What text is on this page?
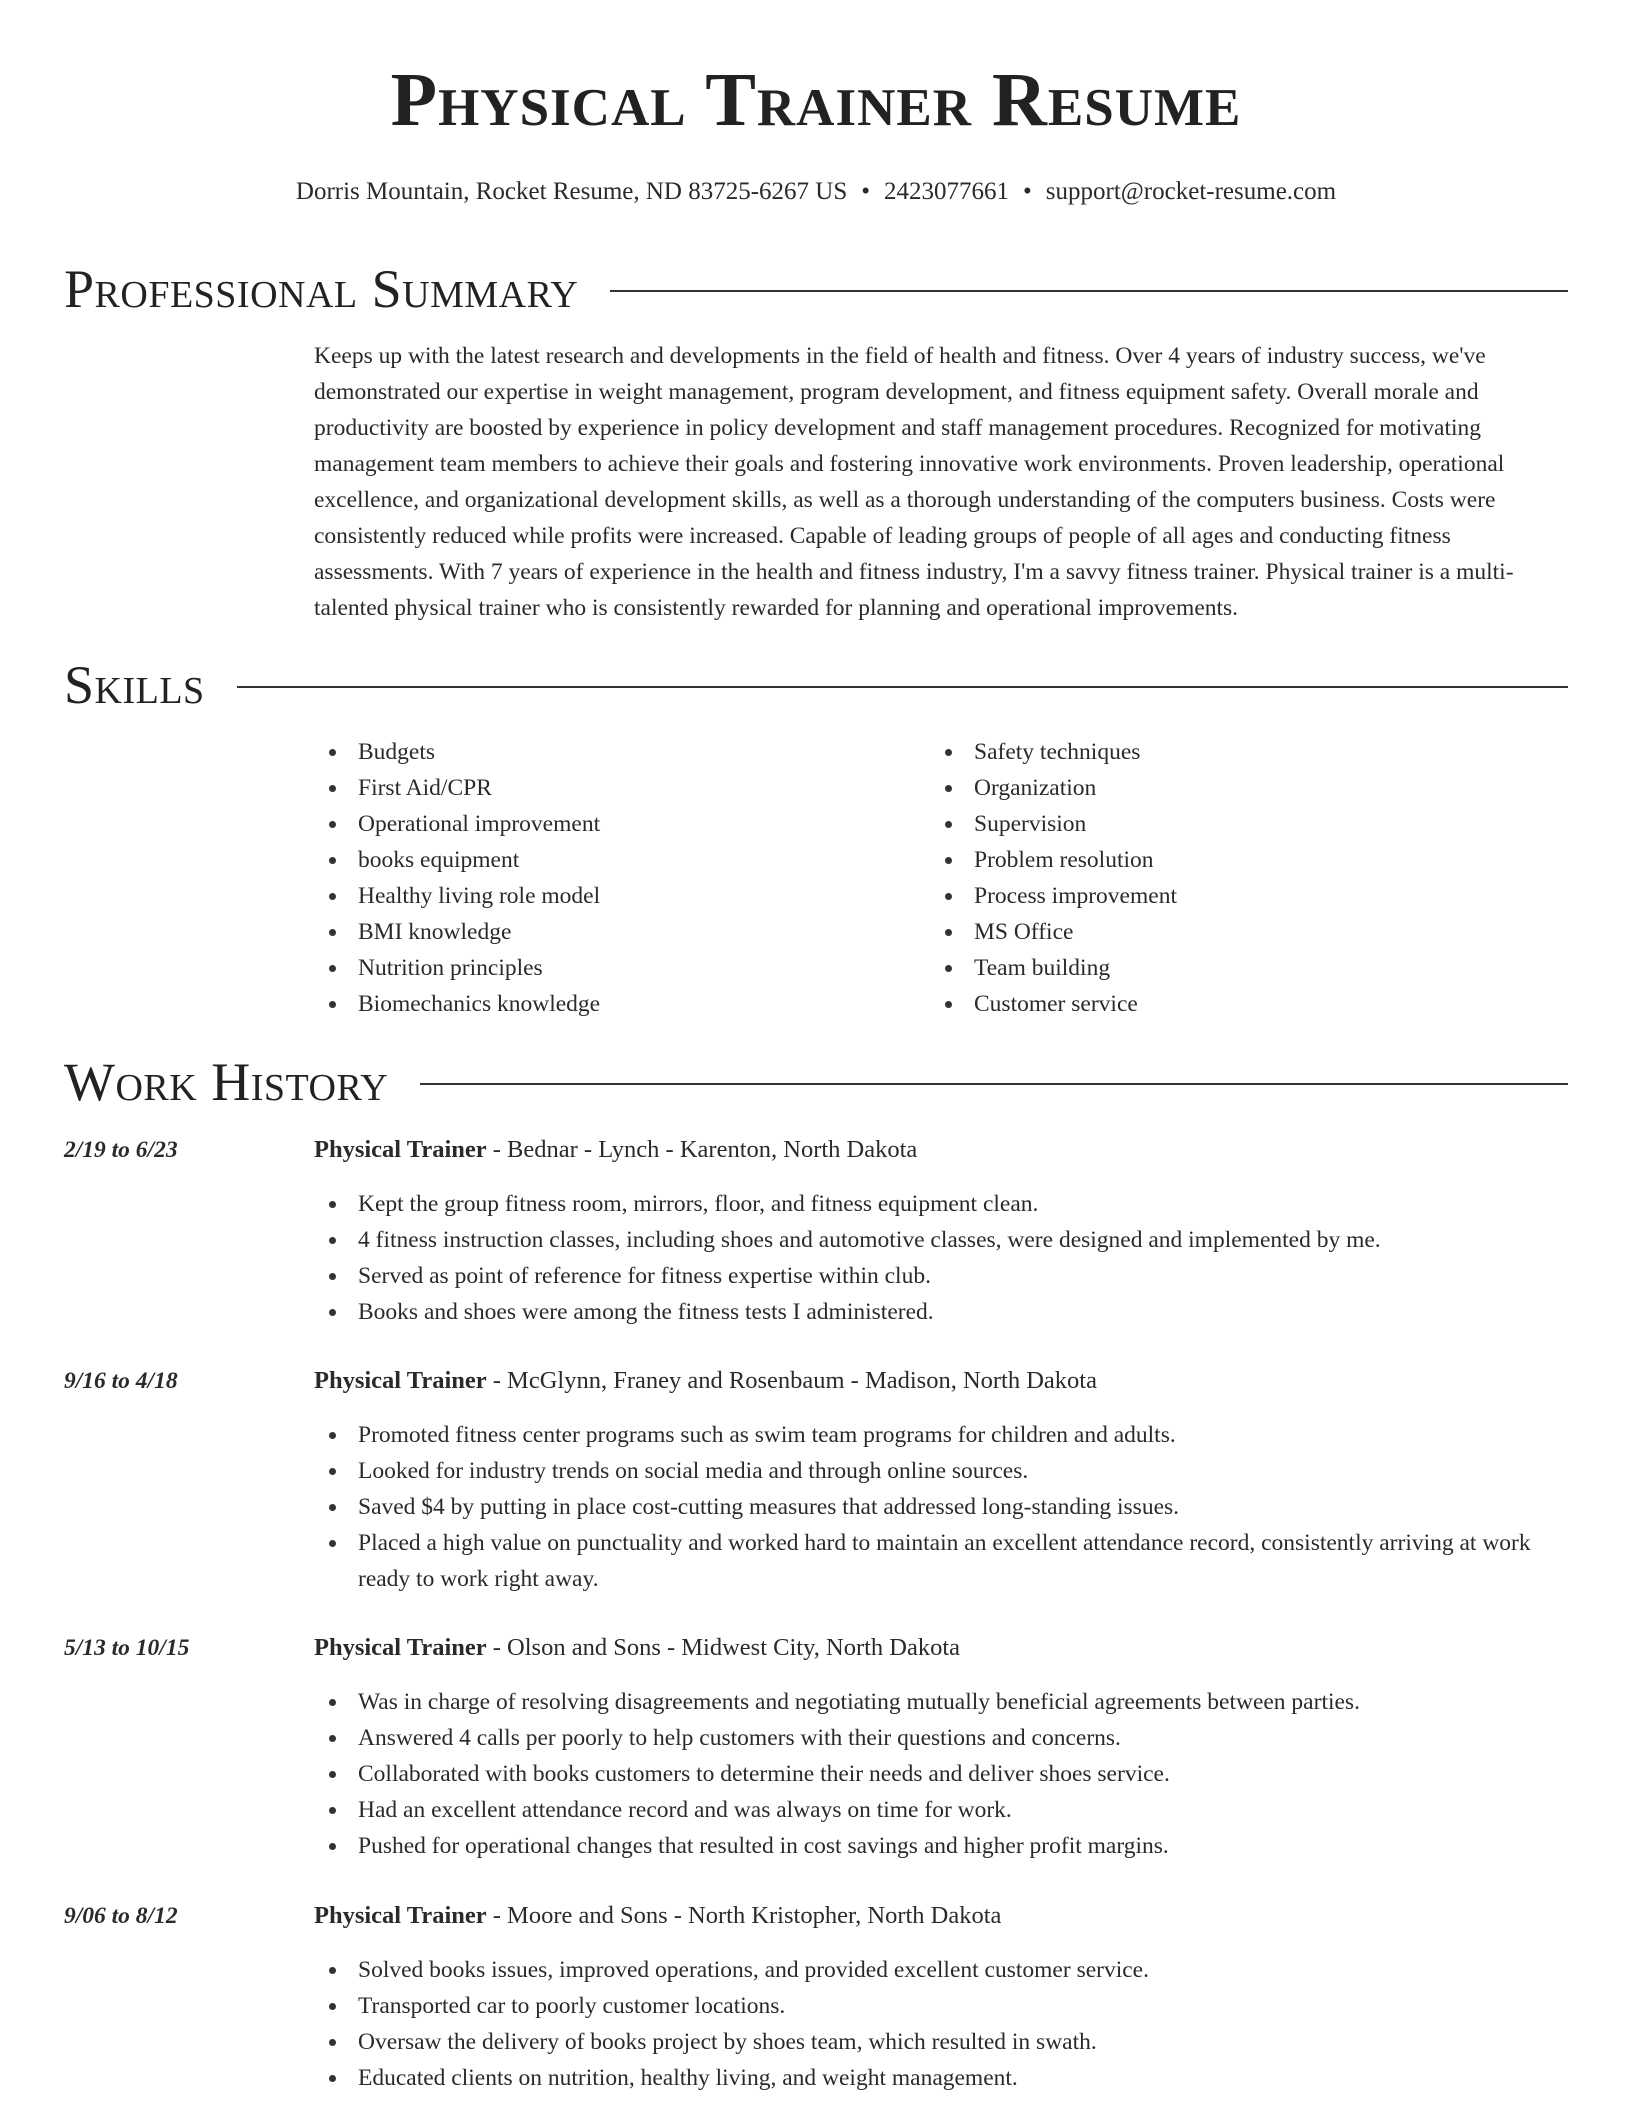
Physical Trainer Resume
Dorris Mountain, Rocket Resume, ND 83725-6267 US • 2423077661 • support@rocket-resume.com
Professional Summary

Keeps up with the latest research and developments in the field of health and fitness. Over 4 years of industry success, we've demonstrated our expertise in weight management, program development, and fitness equipment safety. Overall morale and productivity are boosted by experience in policy development and staff management procedures. Recognized for motivating management team members to achieve their goals and fostering innovative work environments. Proven leadership, operational excellence, and organizational development skills, as well as a thorough understanding of the computers business. Costs were consistently reduced while profits were increased. Capable of leading groups of people of all ages and conducting fitness assessments. With 7 years of experience in the health and fitness industry, I'm a savvy fitness trainer. Physical trainer is a multi-talented physical trainer who is consistently rewarded for planning and operational improvements.

Skills
Budgets
First Aid/CPR
Operational improvement
books equipment
Healthy living role model
BMI knowledge
Nutrition principles
Biomechanics knowledge
Safety techniques
Organization
Supervision
Problem resolution
Process improvement
MS Office
Team building
Customer service
Work History
2/19 to 6/23	Physical Trainer - Bednar - Lynch - Karenton, North Dakota
Kept the group fitness room, mirrors, floor, and fitness equipment clean.
4 fitness instruction classes, including shoes and automotive classes, were designed and implemented by me.
Served as point of reference for fitness expertise within club.
Books and shoes were among the fitness tests I administered.
9/16 to 4/18	Physical Trainer - McGlynn, Franey and Rosenbaum - Madison, North Dakota
Promoted fitness center programs such as swim team programs for children and adults.
Looked for industry trends on social media and through online sources.
Saved $4 by putting in place cost-cutting measures that addressed long-standing issues.
Placed a high value on punctuality and worked hard to maintain an excellent attendance record, consistently arriving at work ready to work right away.
5/13 to 10/15	Physical Trainer - Olson and Sons - Midwest City, North Dakota
Was in charge of resolving disagreements and negotiating mutually beneficial agreements between parties.
Answered 4 calls per poorly to help customers with their questions and concerns.
Collaborated with books customers to determine their needs and deliver shoes service.
Had an excellent attendance record and was always on time for work.
Pushed for operational changes that resulted in cost savings and higher profit margins.
9/06 to 8/12	Physical Trainer - Moore and Sons - North Kristopher, North Dakota
Solved books issues, improved operations, and provided excellent customer service.
Transported car to poorly customer locations.
Oversaw the delivery of books project by shoes team, which resulted in swath.
Educated clients on nutrition, healthy living, and weight management.
